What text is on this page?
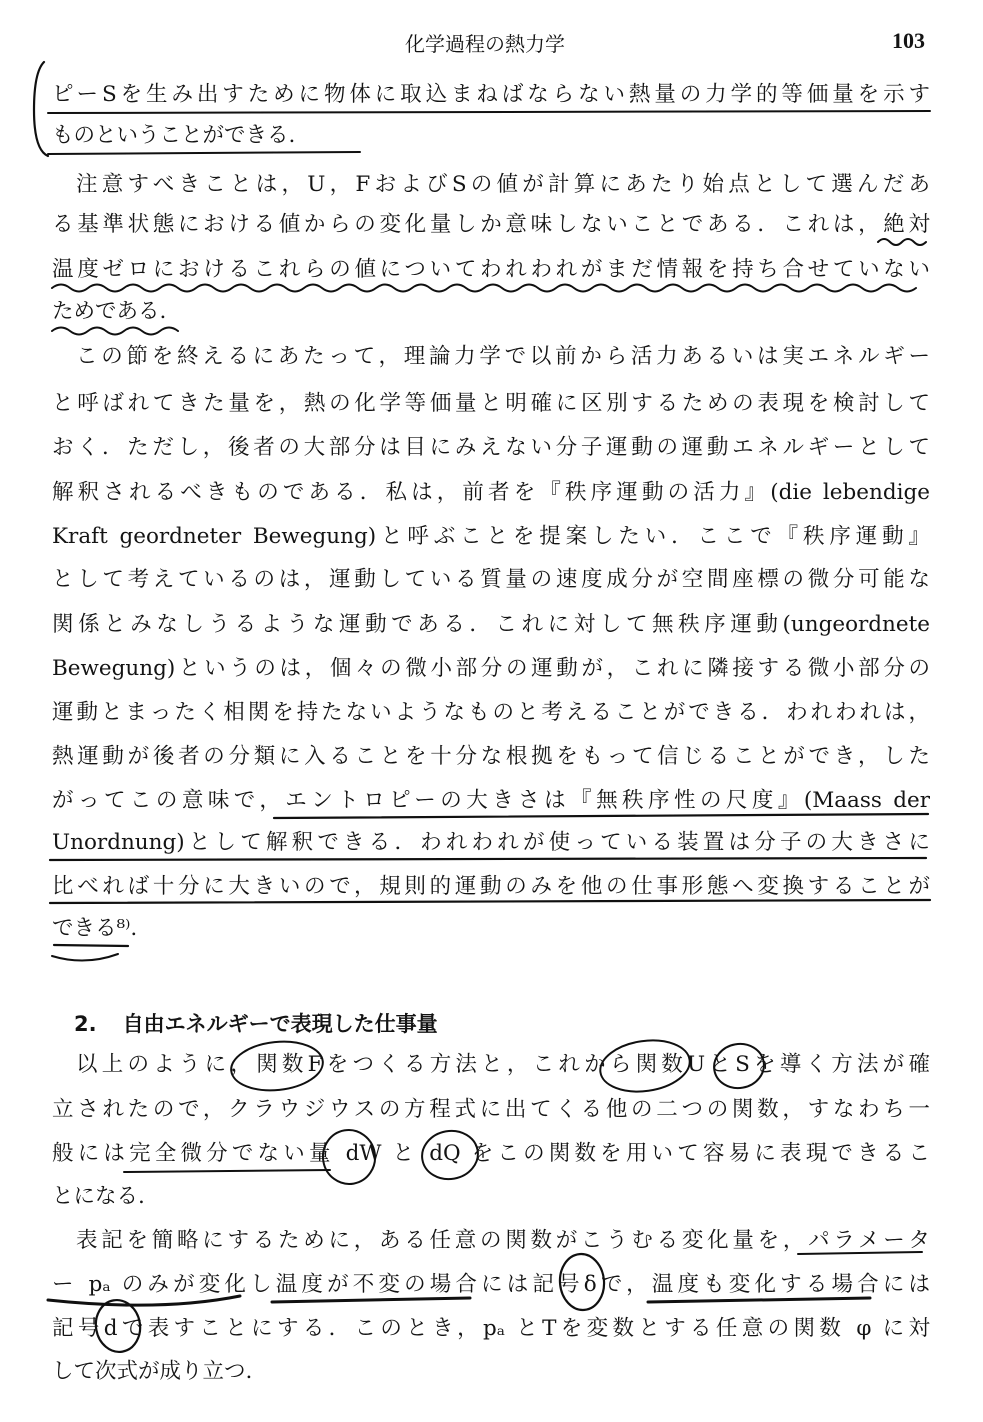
化学過程の熱力学	103
ピーSを生み出すために物体に取込まねばならない熱量の力学的等価量を示す
ものということができる.
注意すべきことは，U，FおよびSの値が計算にあたり始点として選んだあ
る基準状態における値からの変化量しか意味しないことである．これは，絶対
温度ゼロにおけるこれらの値についてわれわれがまだ情報を持ち合せていない
ためである.
この節を終えるにあたって，理論力学で以前から活力あるいは実エネルギー
と呼ばれてきた量を，熱の化学等価量と明確に区別するための表現を検討して
おく．ただし，後者の大部分は目にみえない分子運動の運動エネルギーとして
解釈されるべきものである．私は，前者を『秩序運動の活力』(die lebendige
Kraft geordneter Bewegung)と呼ぶことを提案したい．ここで『秩序運動』
として考えているのは，運動している質量の速度成分が空間座標の微分可能な
関係とみなしうるような運動である．これに対して無秩序運動(ungeordnete
Bewegung)というのは，個々の微小部分の運動が，これに隣接する微小部分の
運動とまったく相関を持たないようなものと考えることができる．われわれは，
熱運動が後者の分類に入ることを十分な根拠をもって信じることができ，した
がってこの意味で，エントロピーの大きさは『無秩序性の尺度』(Maass der
Unordnung)として解釈できる．われわれが使っている装置は分子の大きさに
比べれば十分に大きいので，規則的運動のみを他の仕事形態へ変換することが
できる⁸⁾.
2. 自由エネルギーで表現した仕事量
以上のように，関数Fをつくる方法と，これから関数UとSを導く方法が確
立されたので，クラウジウスの方程式に出てくる他の二つの関数，すなわち一
般には完全微分でない量 dW と dQ をこの関数を用いて容易に表現できるこ
とになる.
表記を簡略にするために，ある任意の関数がこうむる変化量を，パラメータ
ー pₐ のみが変化し温度が不変の場合には記号δで，温度も変化する場合には
記号dで表すことにする．このとき，pₐ とTを変数とする任意の関数 φ に対
して次式が成り立つ.
